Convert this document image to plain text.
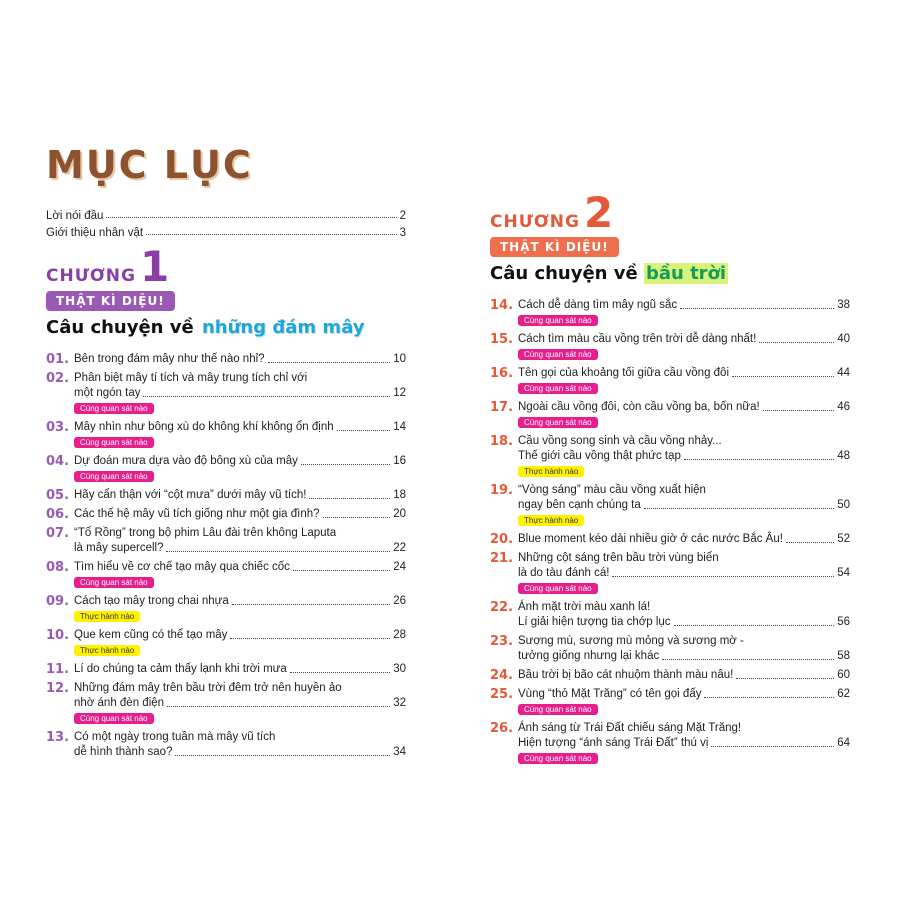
MỤC LỤC
Lời nói đầu	2
Giới thiệu nhân vật	3
CHƯƠNG 1
THẬT KÌ DIỆU!
Câu chuyện về những đám mây
01. Bên trong đám mây như thế nào nhỉ?	10
02. Phân biệt mây tí tích và mây trung tích chỉ với
một ngón tay	12
Cùng quan sát nào
03. Mây nhìn như bông xù do không khí không ổn định	14
Cùng quan sát nào
04. Dự đoán mưa dựa vào độ bông xù của mây	16
Cùng quan sát nào
05. Hãy cẩn thận với “cột mưa” dưới mây vũ tích!	18
06. Các thế hệ mây vũ tích giống như một gia đình?	20
07. “Tổ Rồng” trong bộ phim Lâu đài trên không Laputa
là mây supercell?	22
08. Tìm hiểu về cơ chế tạo mây qua chiếc cốc	24
Cùng quan sát nào
09. Cách tạo mây trong chai nhựa	26
Thực hành nào
10. Que kem cũng có thể tạo mây	28
Thực hành nào
11. Lí do chúng ta cảm thấy lạnh khi trời mưa	30
12. Những đám mây trên bầu trời đêm trở nên huyền ảo
nhờ ánh đèn điện	32
Cùng quan sát nào
13. Có một ngày trong tuần mà mây vũ tích
dễ hình thành sao?	34
CHƯƠNG 2
THẬT KÌ DIỆU!
Câu chuyện về bầu trời
14. Cách dễ dàng tìm mây ngũ sắc	38
Cùng quan sát nào
15. Cách tìm màu cầu vồng trên trời dễ dàng nhất!	40
Cùng quan sát nào
16. Tên gọi của khoảng tối giữa cầu vồng đôi	44
Cùng quan sát nào
17. Ngoài cầu vồng đôi, còn cầu vồng ba, bốn nữa!	46
Cùng quan sát nào
18. Cầu vồng song sinh và cầu vồng nhảy...
Thế giới cầu vồng thật phức tạp	48
Thực hành nào
19. “Vòng sáng” màu cầu vồng xuất hiện
ngay bên cạnh chúng ta	50
Thực hành nào
20. Blue moment kéo dài nhiều giờ ở các nước Bắc Âu!	52
21. Những cột sáng trên bầu trời vùng biển
là do tàu đánh cá!	54
Cùng quan sát nào
22. Ánh mặt trời màu xanh lá!
Lí giải hiện tượng tia chớp lục	56
23. Sương mù, sương mù mỏng và sương mờ -
tưởng giống nhưng lại khác	58
24. Bầu trời bị bão cát nhuộm thành màu nâu!	60
25. Vùng “thỏ Mặt Trăng” có tên gọi đấy	62
Cùng quan sát nào
26. Ánh sáng từ Trái Đất chiếu sáng Mặt Trăng!
Hiện tượng “ánh sáng Trái Đất” thú vị	64
Cùng quan sát nào
